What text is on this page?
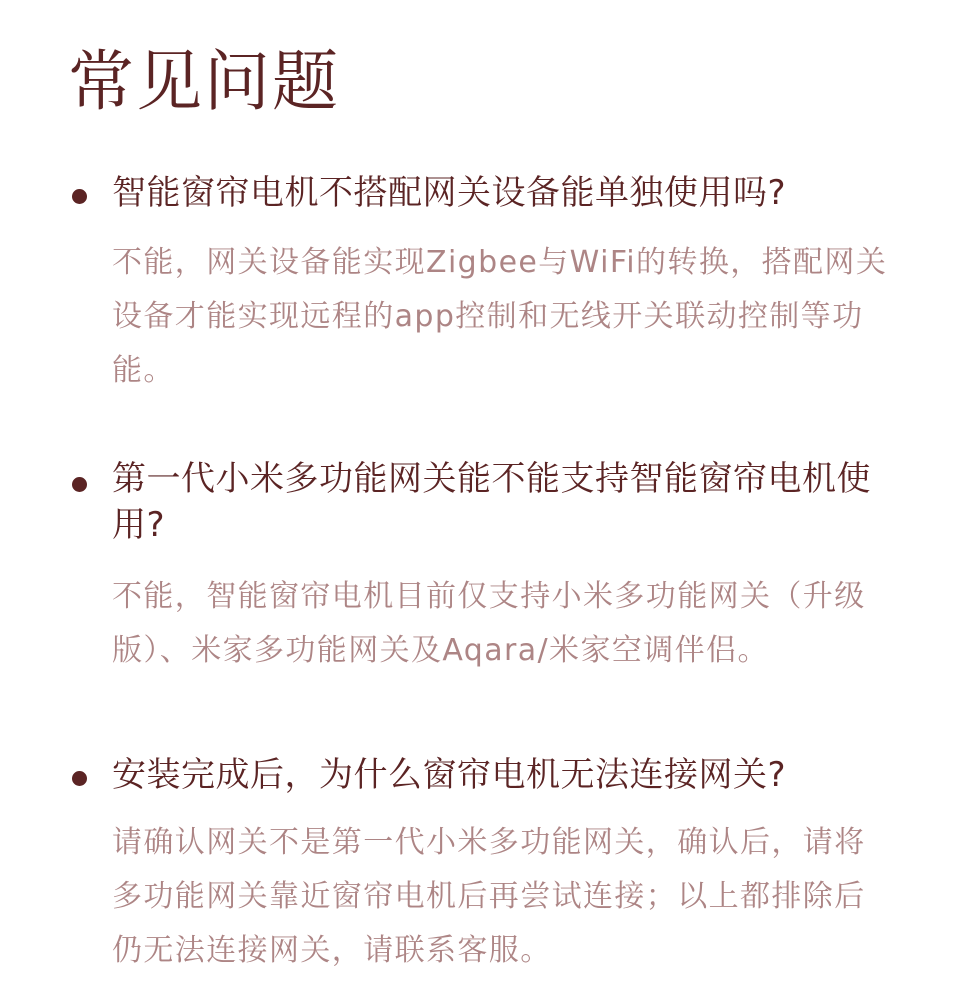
常见问题
智能窗帘电机不搭配网关设备能单独使用吗?
不能，网关设备能实现Zigbee与WiFi的转换，搭配网关设备才能实现远程的app控制和无线开关联动控制等功能。
第一代小米多功能网关能不能支持智能窗帘电机使用?
不能，智能窗帘电机目前仅支持小米多功能网关（升级版）、米家多功能网关及Aqara/米家空调伴侣。
安装完成后，为什么窗帘电机无法连接网关?
请确认网关不是第一代小米多功能网关，确认后，请将多功能网关靠近窗帘电机后再尝试连接；以上都排除后仍无法连接网关，请联系客服。
